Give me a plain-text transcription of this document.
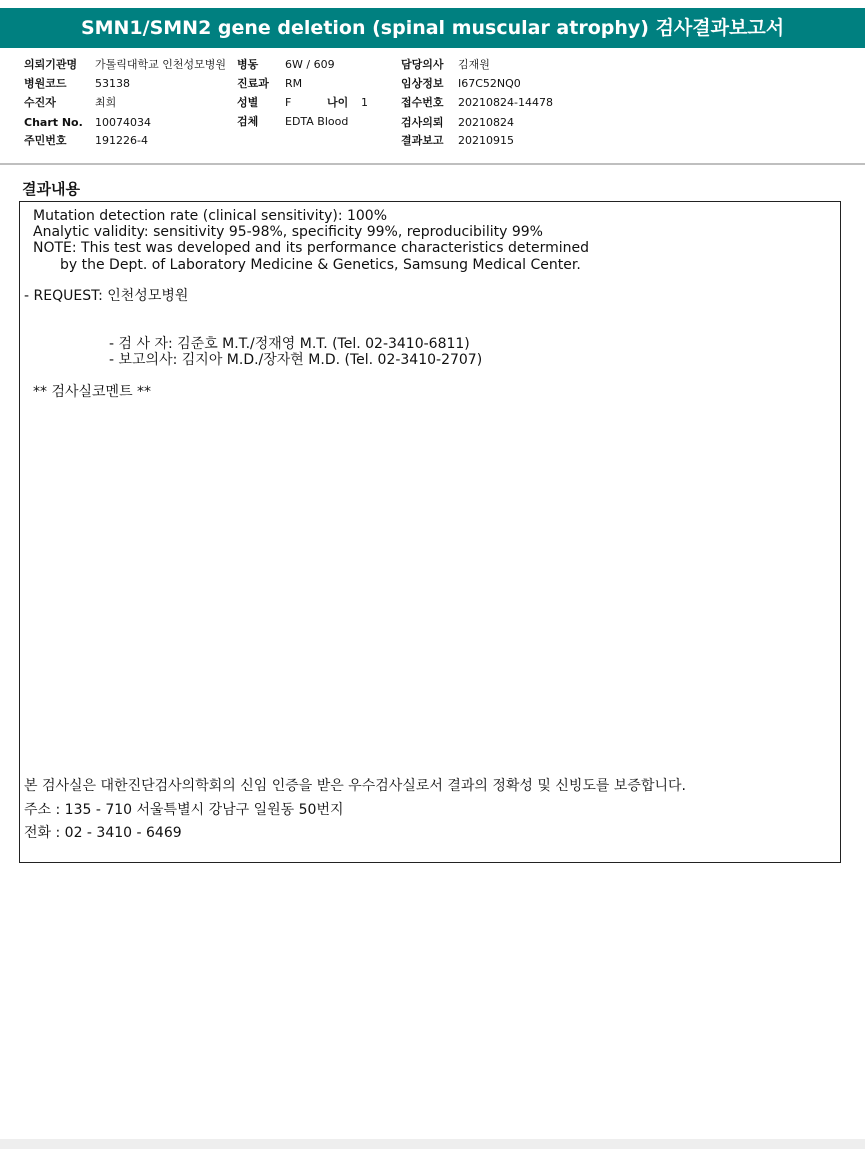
SMN1/SMN2 gene deletion (spinal muscular atrophy) 검사결과보고서
의뢰기관명 가톨릭대학교 인천성모병원
병원코드	53138
수진자	최희
Chart No. 10074034
주민번호	191226-4
병동 6W / 609
진료과 RM
성별 F	나이 1
검체 EDTA Blood
담당의사 김재원
임상정보 I67C52NQ0
접수번호 20210824-14478
검사의뢰 20210824
결과보고 20210915
결과내용
Mutation detection rate (clinical sensitivity): 100%
Analytic validity: sensitivity 95-98%, specificity 99%, reproducibility 99%
NOTE: This test was developed and its performance characteristics determined
by the Dept. of Laboratory Medicine & Genetics, Samsung Medical Center.
- REQUEST: 인천성모병원
- 검 사 자: 김준호 M.T./정재영 M.T. (Tel. 02-3410-6811)
- 보고의사: 김지아 M.D./장자현 M.D. (Tel. 02-3410-2707)
** 검사실코멘트 **
본 검사실은 대한진단검사의학회의 신임 인증을 받은 우수검사실로서 결과의 정확성 및 신빙도를 보증합니다.
주소 : 135 - 710 서울특별시 강남구 일원동 50번지
전화 : 02 - 3410 - 6469
